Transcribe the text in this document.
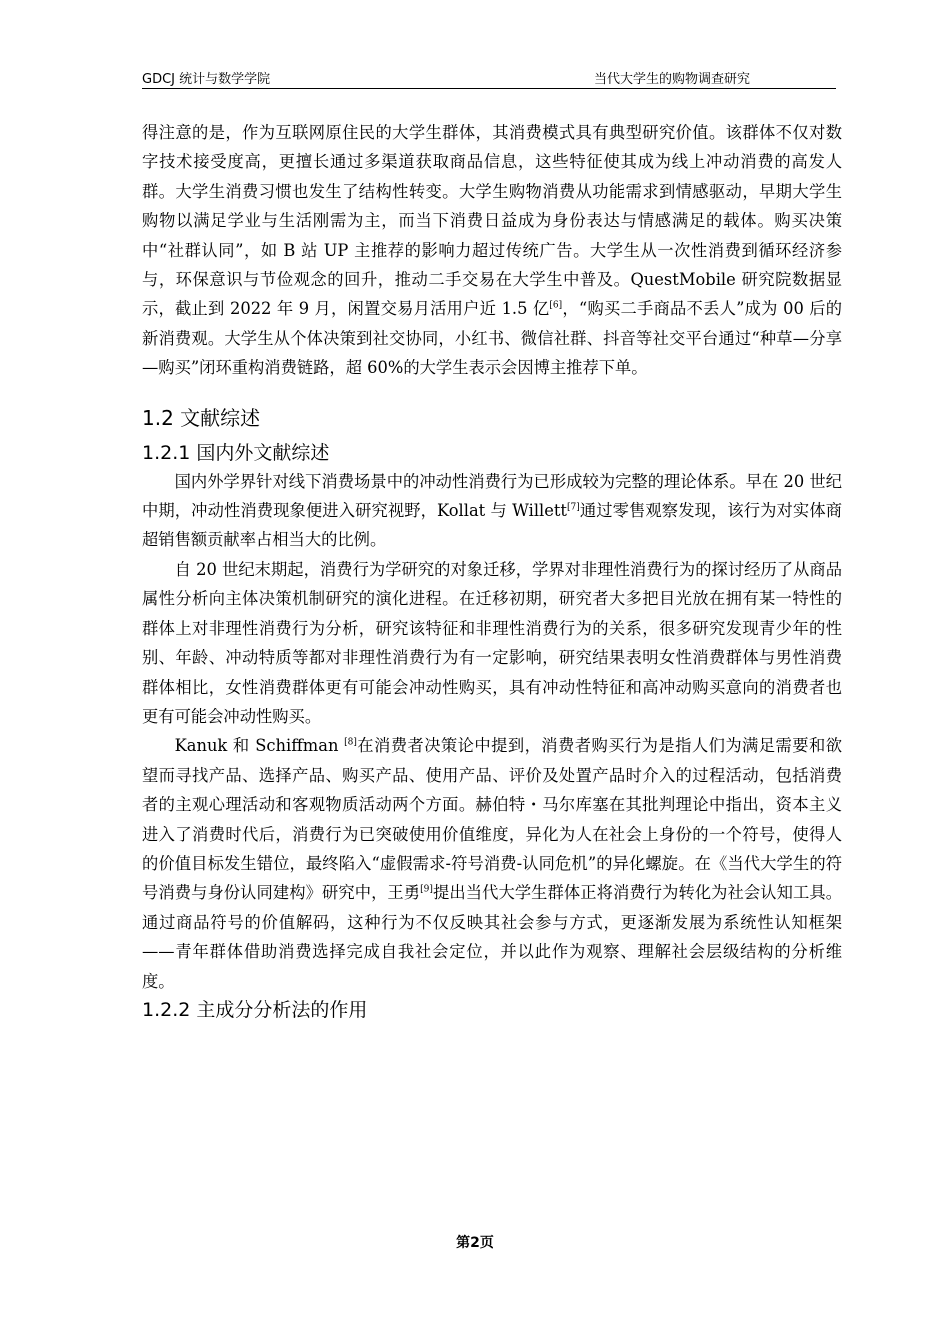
GDCJ 统计与数学学院	当代大学生的购物调查研究

得注意的是，作为互联网原住民的大学生群体，其消费模式具有典型研究价值。该群体不仅对数字技术接受度高，更擅长通过多渠道获取商品信息，这些特征使其成为线上冲动消费的高发人群。大学生消费习惯也发生了结构性转变。大学生购物消费从功能需求到情感驱动，早期大学生购物以满足学业与生活刚需为主，而当下消费日益成为身份表达与情感满足的载体。购买决策中“社群认同”，如 B 站 UP 主推荐的影响力超过传统广告。大学生从一次性消费到循环经济参与，环保意识与节俭观念的回升，推动二手交易在大学生中普及。QuestMobile 研究院数据显示，截止到 2022 年 9 月，闲置交易月活用户近 1.5 亿[6]，“购买二手商品不丢人”成为 00 后的新消费观。大学生从个体决策到社交协同，小红书、微信社群、抖音等社交平台通过“种草—分享—购买”闭环重构消费链路，超 60%的大学生表示会因博主推荐下单。

1.2 文献综述
1.2.1 国内外文献综述

国内外学界针对线下消费场景中的冲动性消费行为已形成较为完整的理论体系。早在 20 世纪中期，冲动性消费现象便进入研究视野，Kollat 与 Willett[7]通过零售观察发现，该行为对实体商超销售额贡献率占相当大的比例。

自 20 世纪末期起，消费行为学研究的对象迁移，学界对非理性消费行为的探讨经历了从商品属性分析向主体决策机制研究的演化进程。在迁移初期，研究者大多把目光放在拥有某一特性的群体上对非理性消费行为分析，研究该特征和非理性消费行为的关系，很多研究发现青少年的性别、年龄、冲动特质等都对非理性消费行为有一定影响，研究结果表明女性消费群体与男性消费群体相比，女性消费群体更有可能会冲动性购买，具有冲动性特征和高冲动购买意向的消费者也更有可能会冲动性购买。

Kanuk 和 Schiffman [8]在消费者决策论中提到，消费者购买行为是指人们为满足需要和欲望而寻找产品、选择产品、购买产品、使用产品、评价及处置产品时介入的过程活动，包括消费者的主观心理活动和客观物质活动两个方面。赫伯特・马尔库塞在其批判理论中指出，资本主义进入了消费时代后，消费行为已突破使用价值维度，异化为人在社会上身份的一个符号，使得人的价值目标发生错位，最终陷入“虚假需求-符号消费-认同危机”的异化螺旋。在《当代大学生的符号消费与身份认同建构》研究中，王勇[9]提出当代大学生群体正将消费行为转化为社会认知工具。通过商品符号的价值解码，这种行为不仅反映其社会参与方式，更逐渐发展为系统性认知框架——青年群体借助消费选择完成自我社会定位，并以此作为观察、理解社会层级结构的分析维度。

1.2.2 主成分分析法的作用
第2页
